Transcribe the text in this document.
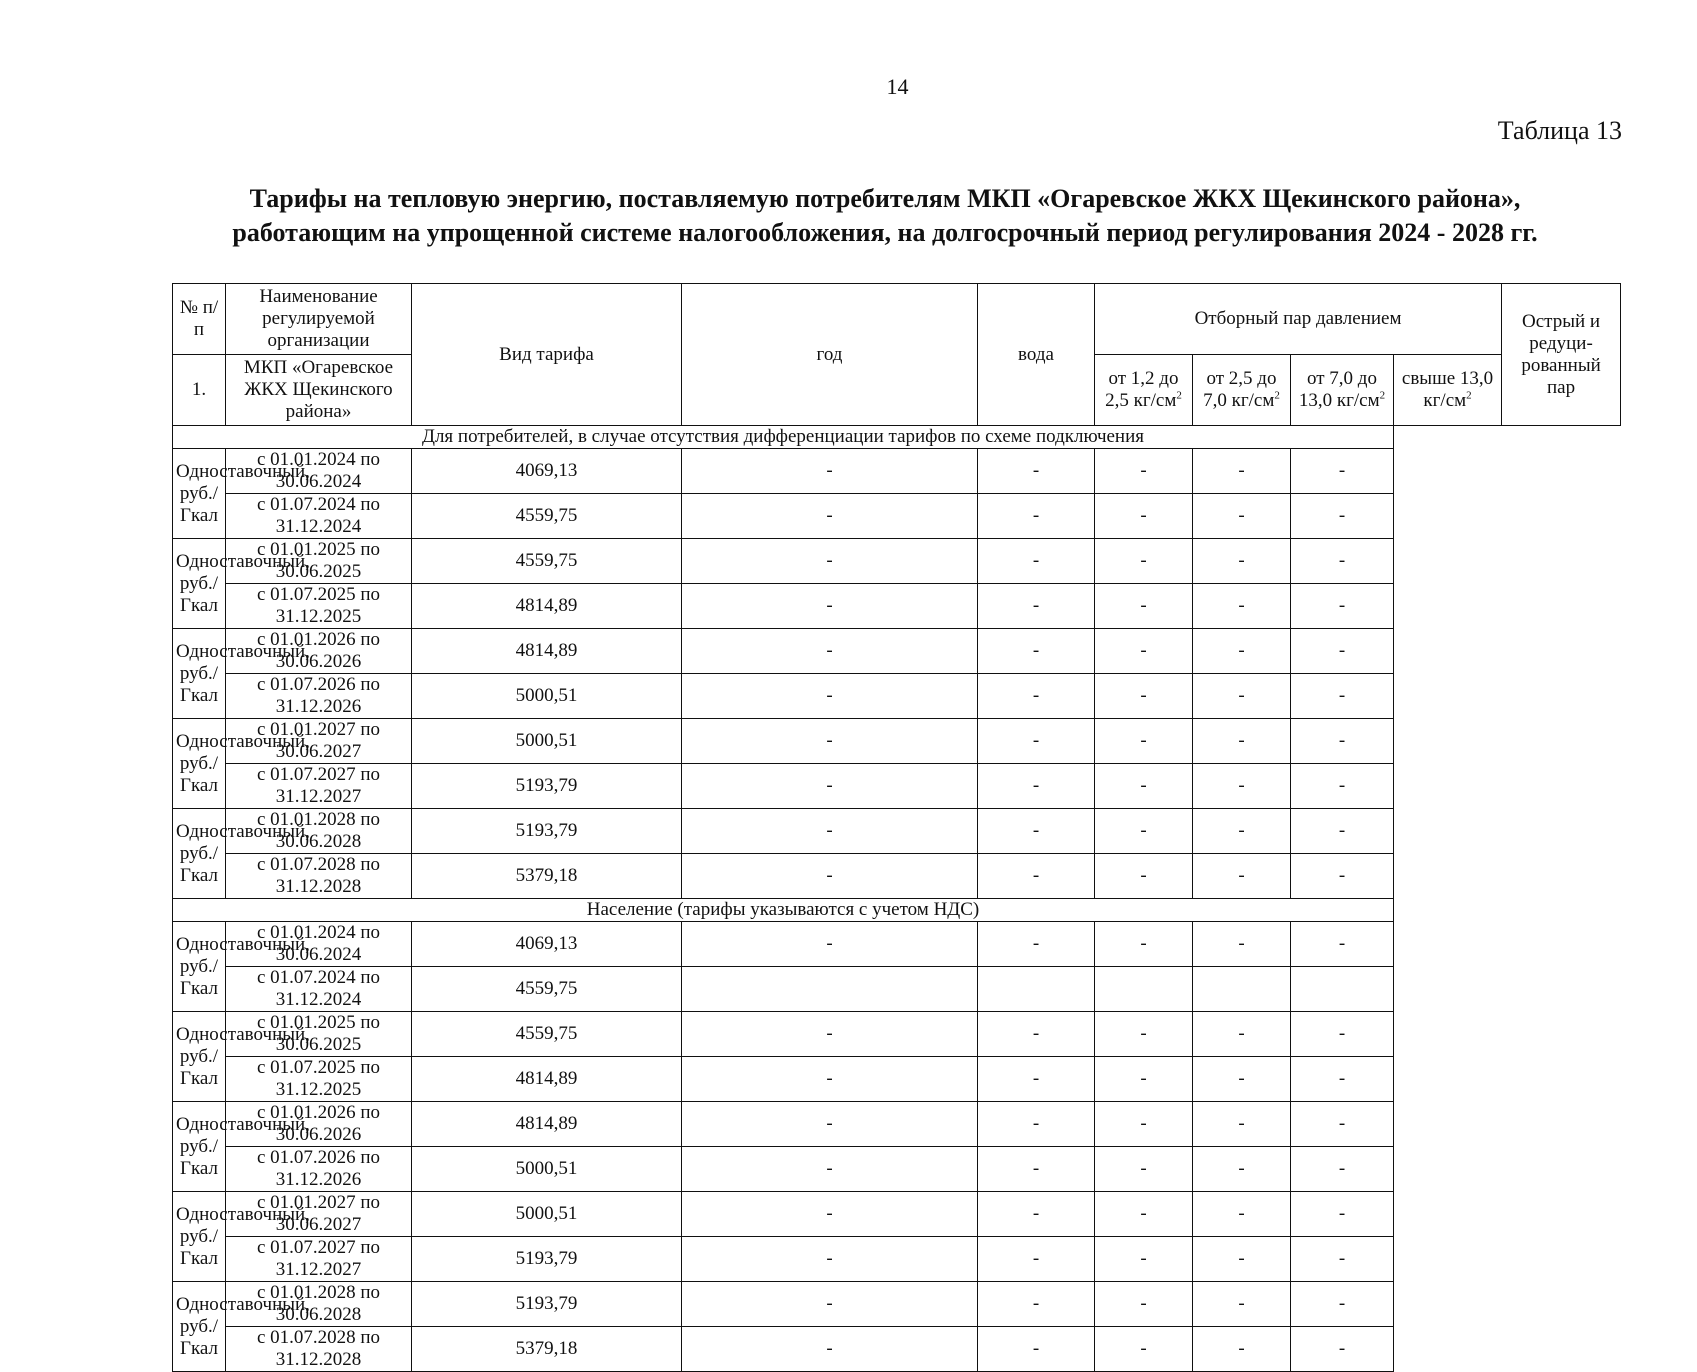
14
Таблица 13
Тарифы на тепловую энергию, поставляемую потребителям МКП «Огаревское ЖКХ Щекинского района»,
работающим на упрощенной системе налогообложения, на долгосрочный период регулирования 2024 - 2028 гг.
№ п/п	Наименование регулируемой организации	Вид тарифа	год	вода	Отборный пар давлением				Острый и редуци-рованный пар
1.	МКП «Огаревское ЖКХ Щекинского района»				от 1,2 до 2,5 $кг/см^2$	от 2,5 до 7,0 $кг/см^2$	от 7,0 до 13,0 $кг/см^2$	свыше 13,0 $кг/см^2$
Для потребителей, в случае отсутствия дифференциации тарифов по схеме подключения									
Одноставочный, руб./Гкал	с 01.01.2024 по 30.06.2024	4069,13	-	-	-	-	-		
	с 01.07.2024 по 31.12.2024	4559,75	-	-	-	-	-		
Одноставочный, руб./Гкал	с 01.01.2025 по 30.06.2025	4559,75	-	-	-	-	-		
	с 01.07.2025 по 31.12.2025	4814,89	-	-	-	-	-		
Одноставочный, руб./Гкал	с 01.01.2026 по 30.06.2026	4814,89	-	-	-	-	-		
	с 01.07.2026 по 31.12.2026	5000,51	-	-	-	-	-		
Одноставочный, руб./Гкал	с 01.01.2027 по 30.06.2027	5000,51	-	-	-	-	-		
	с 01.07.2027 по 31.12.2027	5193,79	-	-	-	-	-		
Одноставочный, руб./Гкал	с 01.01.2028 по 30.06.2028	5193,79	-	-	-	-	-		
	с 01.07.2028 по 31.12.2028	5379,18	-	-	-	-	-		
Население (тарифы указываются с учетом НДС)									
Одноставочный, руб./Гкал	с 01.01.2024 по 30.06.2024	4069,13	-	-	-	-	-		
	с 01.07.2024 по 31.12.2024	4559,75							
Одноставочный, руб./Гкал	с 01.01.2025 по 30.06.2025	4559,75	-	-	-	-	-		
	с 01.07.2025 по 31.12.2025	4814,89	-	-	-	-	-		
Одноставочный, руб./Гкал	с 01.01.2026 по 30.06.2026	4814,89	-	-	-	-	-		
	с 01.07.2026 по 31.12.2026	5000,51	-	-	-	-	-		
Одноставочный, руб./Гкал	с 01.01.2027 по 30.06.2027	5000,51	-	-	-	-	-		
	с 01.07.2027 по 31.12.2027	5193,79	-	-	-	-	-		
Одноставочный, руб./Гкал	с 01.01.2028 по 30.06.2028	5193,79	-	-	-	-	-		
	с 01.07.2028 по 31.12.2028	5379,18	-	-	-	-	-		
